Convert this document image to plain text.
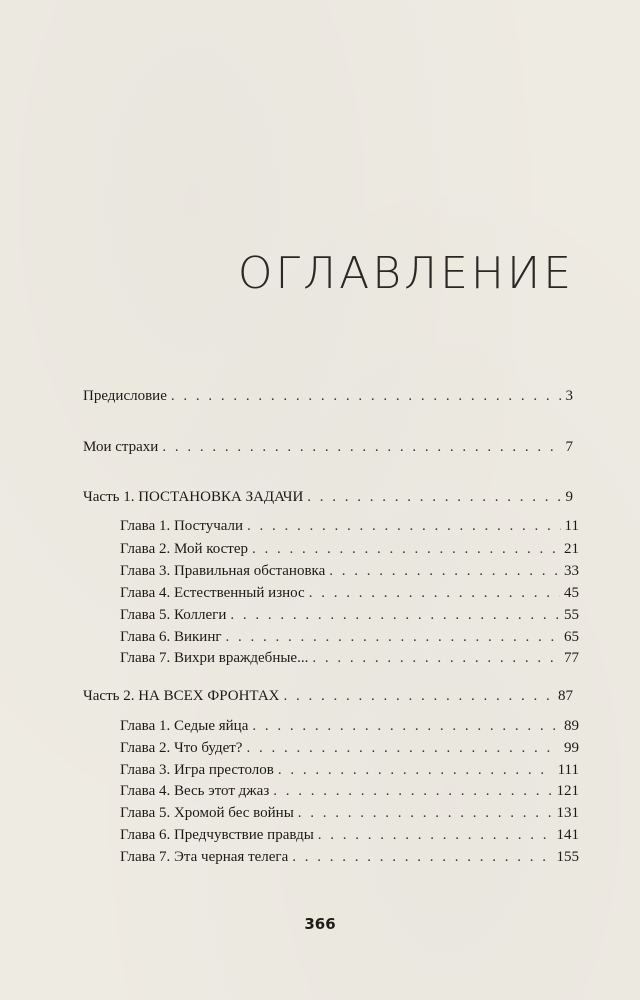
ОГЛАВЛЕНИЕ
Предисловие . . .	3
Мои страхи . . .	7
Часть 1. ПОСТАНОВКА ЗАДАЧИ . . .	9
Глава 1. Постучали . . .	11
Глава 2. Мой костер . . .	21
Глава 3. Правильная обстановка . . .	33
Глава 4. Естественный износ . . .	45
Глава 5. Коллеги . . .	55
Глава 6. Викинг . . .	65
Глава 7. Вихри враждебные... . . .	77
Часть 2. НА ВСЕХ ФРОНТАХ . . .	87
Глава 1. Седые яйца . . .	89
Глава 2. Что будет? . . .	99
Глава 3. Игра престолов . . .	111
Глава 4. Весь этот джаз . . .	121
Глава 5. Хромой бес войны . . .	131
Глава 6. Предчувствие правды . . .	141
Глава 7. Эта черная телега . . .	155
366
